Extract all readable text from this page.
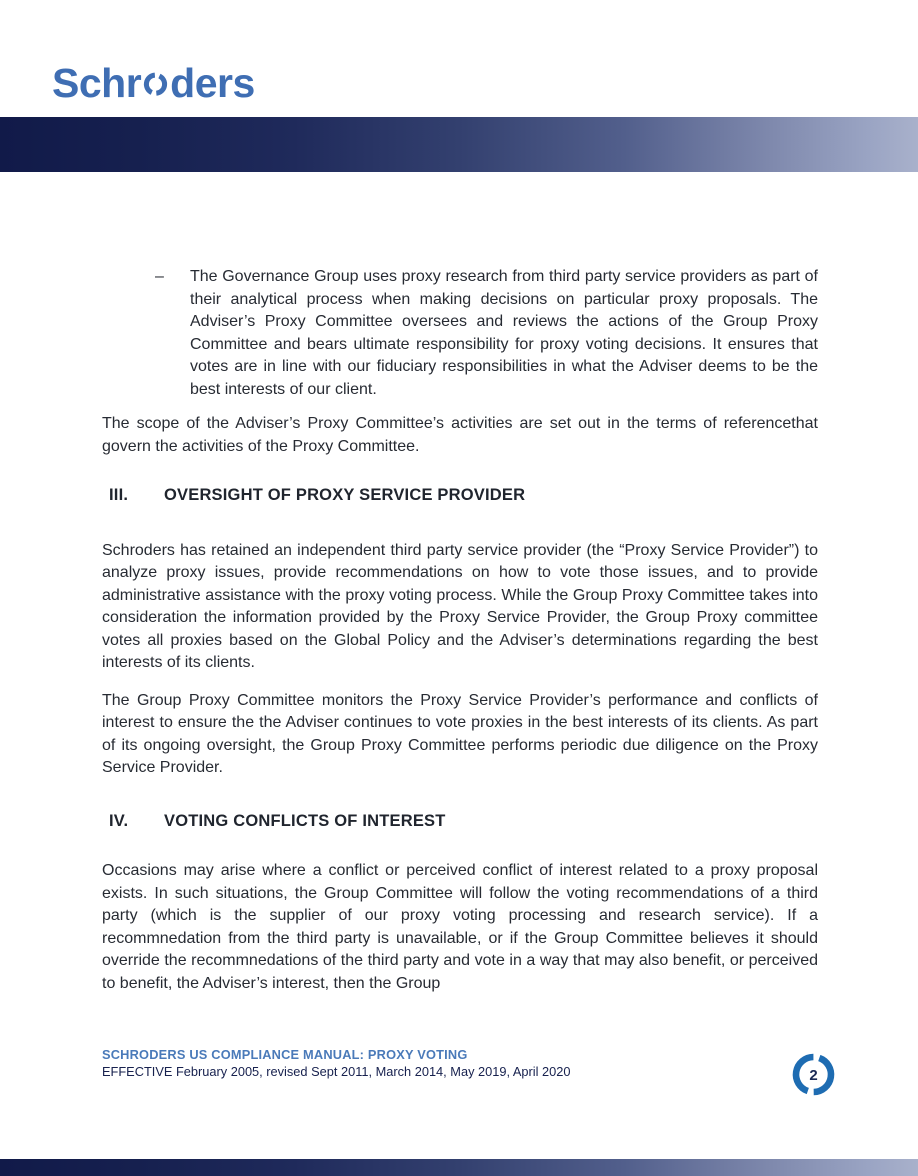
Schr ders
–	The Governance Group uses proxy research from third party service providers as part of their analytical process when making decisions on particular proxy proposals. The Adviser’s Proxy Committee oversees and reviews the actions of the Group Proxy Committee and bears ultimate responsibility for proxy voting decisions. It ensures that votes are in line with our fiduciary responsibilities in what the Adviser deems to be the best interests of our client.

The scope of the Adviser’s Proxy Committee’s activities are set out in the terms of referencethat govern the activities of the Proxy Committee.

III. OVERSIGHT OF PROXY SERVICE PROVIDER

Schroders has retained an independent third party service provider (the “Proxy Service Provider”) to analyze proxy issues, provide recommendations on how to vote those issues, and to provide administrative assistance with the proxy voting process. While the Group Proxy Committee takes into consideration the information provided by the Proxy Service Provider, the Group Proxy committee votes all proxies based on the Global Policy and the Adviser’s determinations regarding the best interests of its clients.

The Group Proxy Committee monitors the Proxy Service Provider’s performance and conflicts of interest to ensure the the Adviser continues to vote proxies in the best interests of its clients. As part of its ongoing oversight, the Group Proxy Committee performs periodic due diligence on the Proxy Service Provider.

IV. VOTING CONFLICTS OF INTEREST

Occasions may arise where a conflict or perceived conflict of interest related to a proxy proposal exists. In such situations, the Group Committee will follow the voting recommendations of a third party (which is the supplier of our proxy voting processing and research service). If a recommnedation from the third party is unavailable, or if the Group Committee believes it should override the recommnedations of the third party and vote in a way that may also benefit, or perceived to benefit, the Adviser’s interest, then the Group

SCHRODERS US COMPLIANCE MANUAL: PROXY VOTING
EFFECTIVE February 2005, revised Sept 2011, March 2014, May 2019, April 2020	2
